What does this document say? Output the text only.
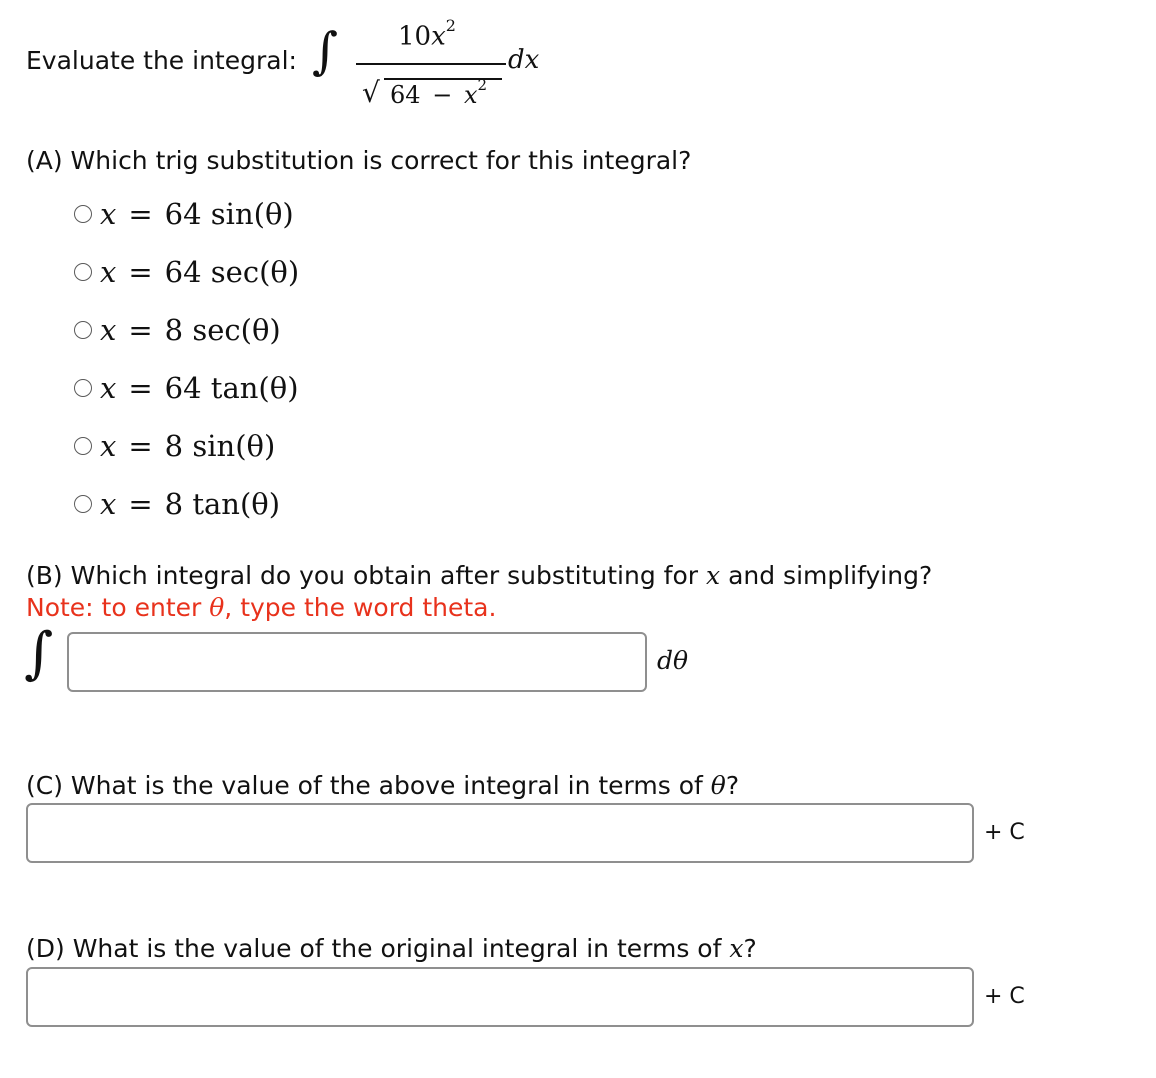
Evaluate the integral: ∫ $10x^2$
√ $64 - x^2$
dx
(A) Which trig substitution is correct for this integral?
x = 64 sin(θ)
x = 64 sec(θ)
x = 8 sec(θ)
x = 64 tan(θ)
x = 8 sin(θ)
x = 8 tan(θ)
(B) Which integral do you obtain after substituting for x and simplifying?
Note: to enter θ, type the word theta.
∫	dθ
(C) What is the value of the above integral in terms of θ?
+ C
(D) What is the value of the original integral in terms of x?
+ C
